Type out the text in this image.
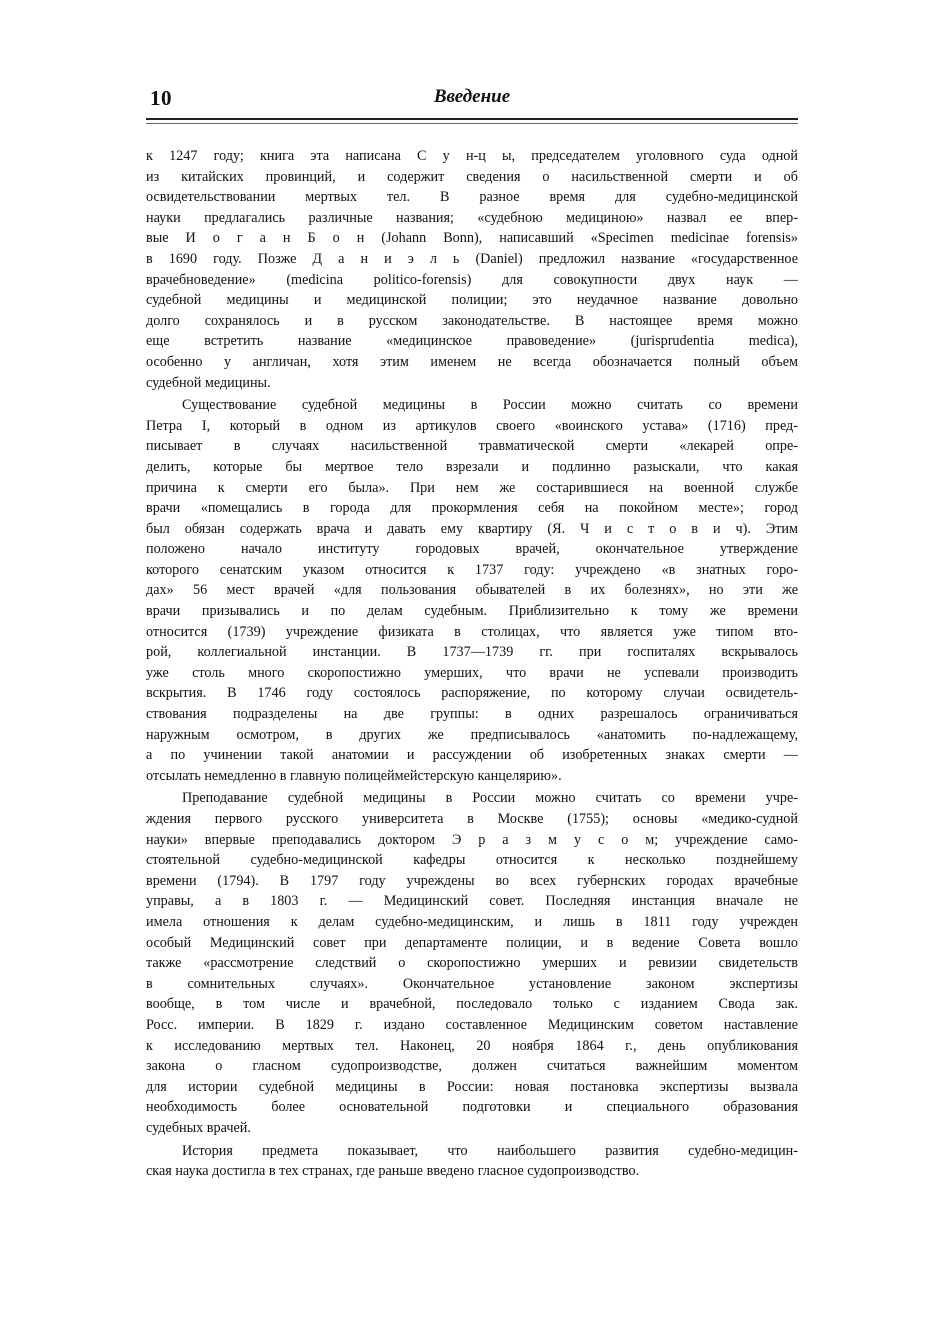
10	Введение
к 1247 году; книга эта написана С у н-ц ы, председателем уголовного суда одной
из китайских провинций, и содержит сведения о насильственной смерти и об
освидетельствовании мертвых тел. В разное время для судебно-медицинской
науки предлагались различные названия; «судебною медициною» назвал ее впер-
вые И о г а н Б о н (Johann Bonn), написавший «Specimen medicinae forensis»
в 1690 году. Позже Д а н и э л ь (Daniel) предложил название «государственное
врачебноведение» (medicina politico-forensis) для совокупности двух наук —
судебной медицины и медицинской полиции; это неудачное название довольно
долго сохранялось и в русском законодательстве. В настоящее время можно
еще встретить название «медицинское правоведение» (jurisprudentia medica),
особенно у англичан, хотя этим именем не всегда обозначается полный объем
судебной медицины.
Существование судебной медицины в России можно считать со времени
Петра I, который в одном из артикулов своего «воинского устава» (1716) пред-
писывает в случаях насильственной травматической смерти «лекарей опре-
делить, которые бы мертвое тело взрезали и подлинно разыскали, что какая
причина к смерти его была». При нем же состарившиеся на военной службе
врачи «помещались в города для прокормления себя на покойном месте»; город
был обязан содержать врача и давать ему квартиру (Я. Ч и с т о в и ч). Этим
положено начало институту городовых врачей, окончательное утверждение
которого сенатским указом относится к 1737 году: учреждено «в знатных горо-
дах» 56 мест врачей «для пользования обывателей в их болезнях», но эти же
врачи призывались и по делам судебным. Приблизительно к тому же времени
относится (1739) учреждение физиката в столицах, что является уже типом вто-
рой, коллегиальной инстанции. В 1737—1739 гг. при госпиталях вскрывалось
уже столь много скоропостижно умерших, что врачи не успевали производить
вскрытия. В 1746 году состоялось распоряжение, по которому случаи освидетель-
ствования подразделены на две группы: в одних разрешалось ограничиваться
наружным осмотром, в других же предписывалось «анатомить по-надлежащему,
а по учинении такой анатомии и рассуждении об изобретенных знаках смерти —
отсылать немедленно в главную полицеймейстерскую канцелярию».
Преподавание судебной медицины в России можно считать со времени учре-
ждения первого русского университета в Москве (1755); основы «медико-судной
науки» впервые преподавались доктором Э р а з м у с о м; учреждение само-
стоятельной судебно-медицинской кафедры относится к несколько позднейшему
времени (1794). В 1797 году учреждены во всех губернских городах врачебные
управы, а в 1803 г. — Медицинский совет. Последняя инстанция вначале не
имела отношения к делам судебно-медицинским, и лишь в 1811 году учрежден
особый Медицинский совет при департаменте полиции, и в ведение Совета вошло
также «рассмотрение следствий о скоропостижно умерших и ревизии свидетельств
в сомнительных случаях». Окончательное установление законом экспертизы
вообще, в том числе и врачебной, последовало только с изданием Свода зак.
Росс. империи. В 1829 г. издано составленное Медицинским советом наставление
к исследованию мертвых тел. Наконец, 20 ноября 1864 г., день опубликования
закона о гласном судопроизводстве, должен считаться важнейшим моментом
для истории судебной медицины в России: новая постановка экспертизы вызвала
необходимость более основательной подготовки и специального образования
судебных врачей.
История предмета показывает, что наибольшего развития судебно-медицин-
ская наука достигла в тех странах, где раньше введено гласное судопроизводство.
